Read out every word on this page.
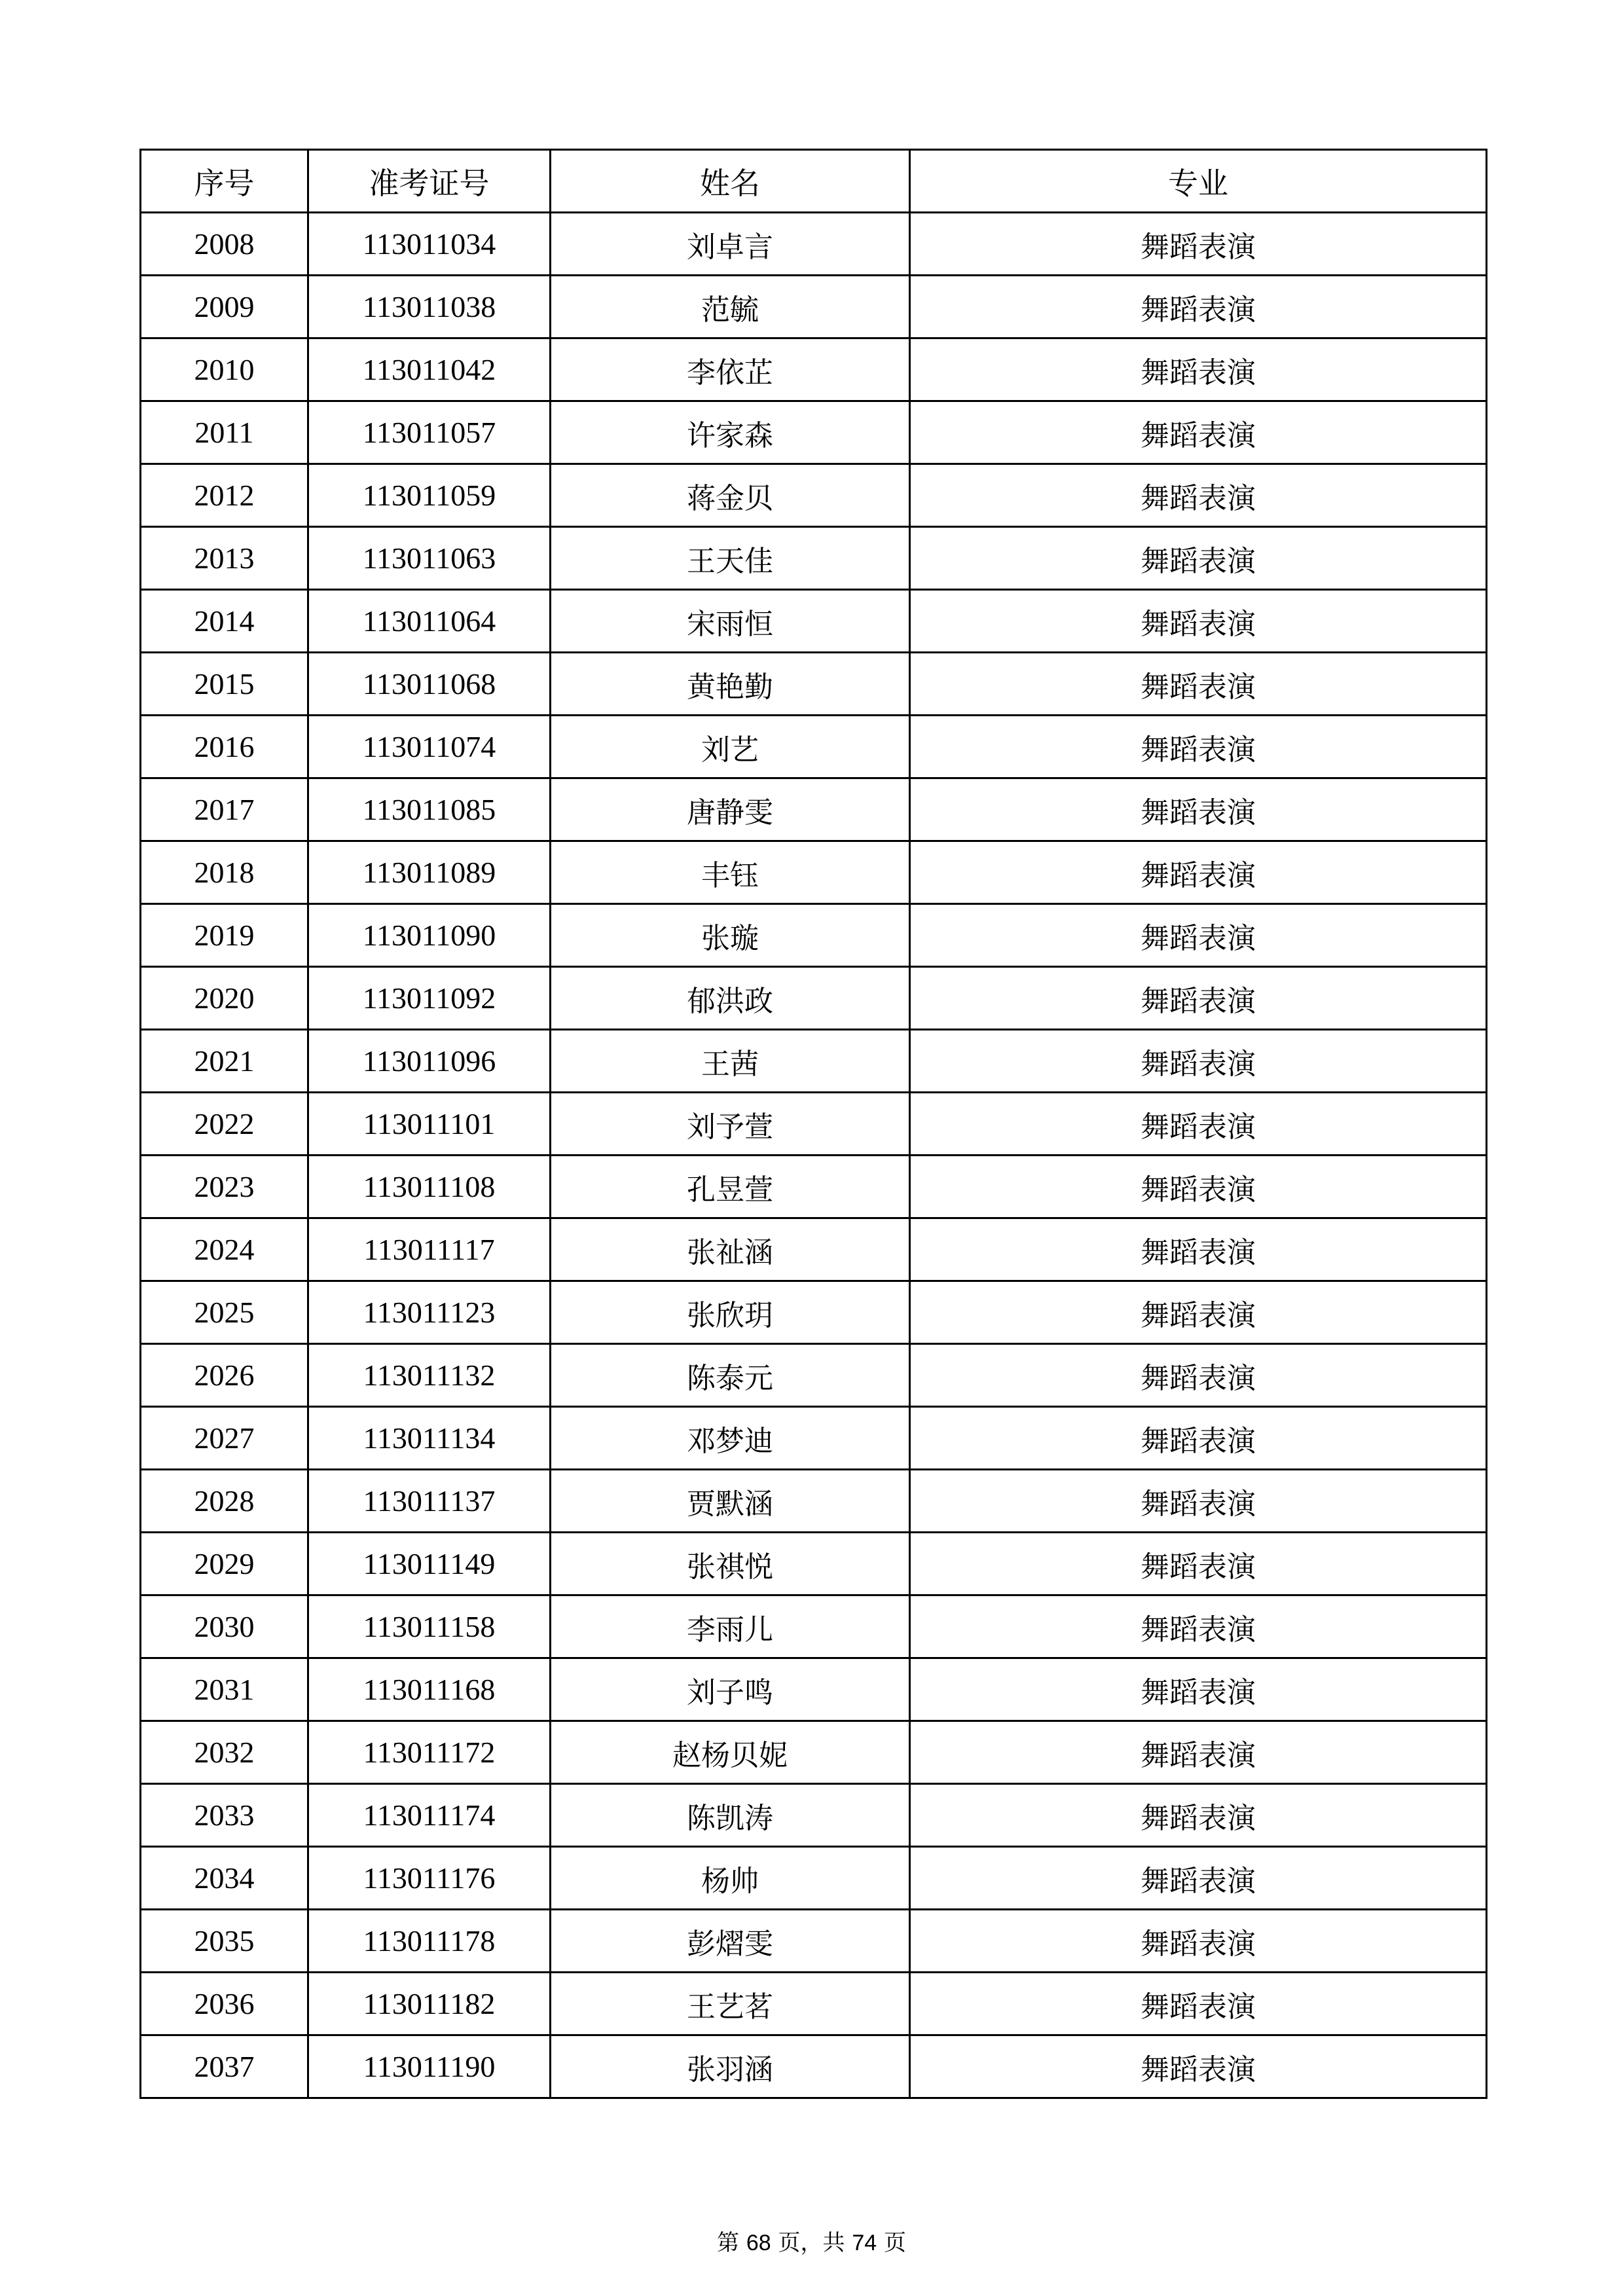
序号	准考证号	姓名	专业
2008	113011034	刘卓言	舞蹈表演
2009	113011038	范毓	舞蹈表演
2010	113011042	李依芷	舞蹈表演
2011	113011057	许家森	舞蹈表演
2012	113011059	蒋金贝	舞蹈表演
2013	113011063	王天佳	舞蹈表演
2014	113011064	宋雨恒	舞蹈表演
2015	113011068	黄艳勤	舞蹈表演
2016	113011074	刘艺	舞蹈表演
2017	113011085	唐静雯	舞蹈表演
2018	113011089	丰钰	舞蹈表演
2019	113011090	张璇	舞蹈表演
2020	113011092	郁洪政	舞蹈表演
2021	113011096	王茜	舞蹈表演
2022	113011101	刘予萱	舞蹈表演
2023	113011108	孔昱萱	舞蹈表演
2024	113011117	张祉涵	舞蹈表演
2025	113011123	张欣玥	舞蹈表演
2026	113011132	陈泰元	舞蹈表演
2027	113011134	邓梦迪	舞蹈表演
2028	113011137	贾默涵	舞蹈表演
2029	113011149	张祺悦	舞蹈表演
2030	113011158	李雨儿	舞蹈表演
2031	113011168	刘子鸣	舞蹈表演
2032	113011172	赵杨贝妮	舞蹈表演
2033	113011174	陈凯涛	舞蹈表演
2034	113011176	杨帅	舞蹈表演
2035	113011178	彭熠雯	舞蹈表演
2036	113011182	王艺茗	舞蹈表演
2037	113011190	张羽涵	舞蹈表演
第 68 页，共 74 页
